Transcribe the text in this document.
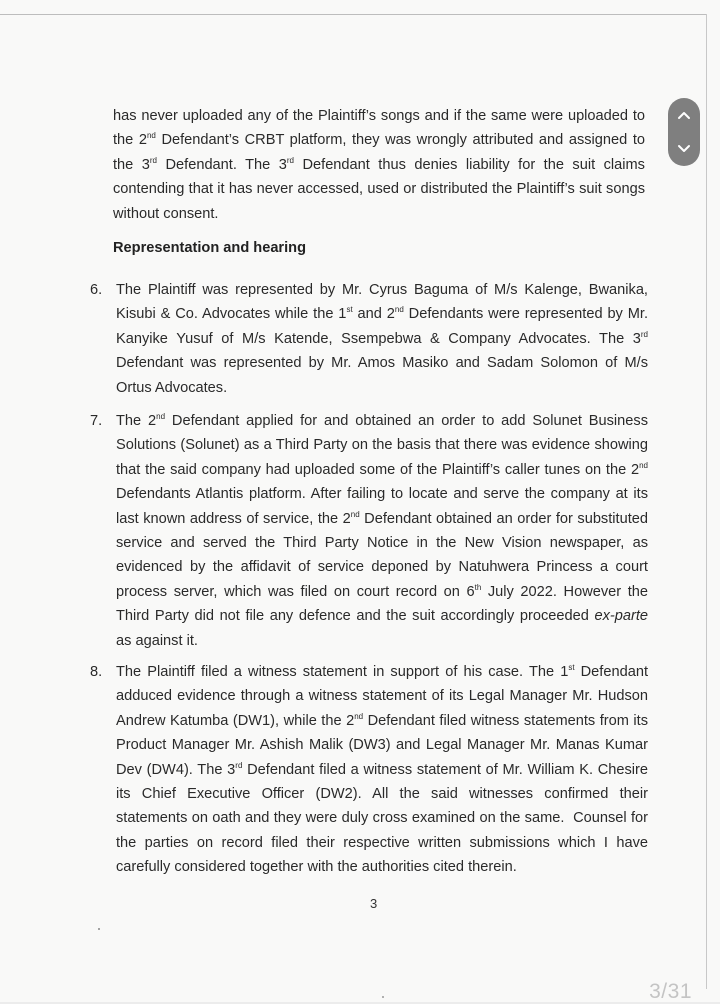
has never uploaded any of the Plaintiff’s songs and if the same were uploaded to the 2nd Defendant’s CRBT platform, they was wrongly attributed and assigned to the 3rd Defendant. The 3rd Defendant thus denies liability for the suit claims contending that it has never accessed, used or distributed the Plaintiff’s suit songs without consent.
Representation and hearing
6. The Plaintiff was represented by Mr. Cyrus Baguma of M/s Kalenge, Bwanika, Kisubi & Co. Advocates while the 1st and 2nd Defendants were represented by Mr. Kanyike Yusuf of M/s Katende, Ssempebwa & Company Advocates. The 3rd Defendant was represented by Mr. Amos Masiko and Sadam Solomon of M/s Ortus Advocates.
7. The 2nd Defendant applied for and obtained an order to add Solunet Business Solutions (Solunet) as a Third Party on the basis that there was evidence showing that the said company had uploaded some of the Plaintiff’s caller tunes on the 2nd Defendants Atlantis platform. After failing to locate and serve the company at its last known address of service, the 2nd Defendant obtained an order for substituted service and served the Third Party Notice in the New Vision newspaper, as evidenced by the affidavit of service deponed by Natuhwera Princess a court process server, which was filed on court record on 6th July 2022. However the Third Party did not file any defence and the suit accordingly proceeded ex-parte as against it.
8. The Plaintiff filed a witness statement in support of his case. The 1st Defendant adduced evidence through a witness statement of its Legal Manager Mr. Hudson Andrew Katumba (DW1), while the 2nd Defendant filed witness statements from its Product Manager Mr. Ashish Malik (DW3) and Legal Manager Mr. Manas Kumar Dev (DW4). The 3rd Defendant filed a witness statement of Mr. William K. Chesire its Chief Executive Officer (DW2). All the said witnesses confirmed their statements on oath and they were duly cross examined on the same.  Counsel for the parties on record filed their respective written submissions which I have carefully considered together with the authorities cited therein.
3
3/31
